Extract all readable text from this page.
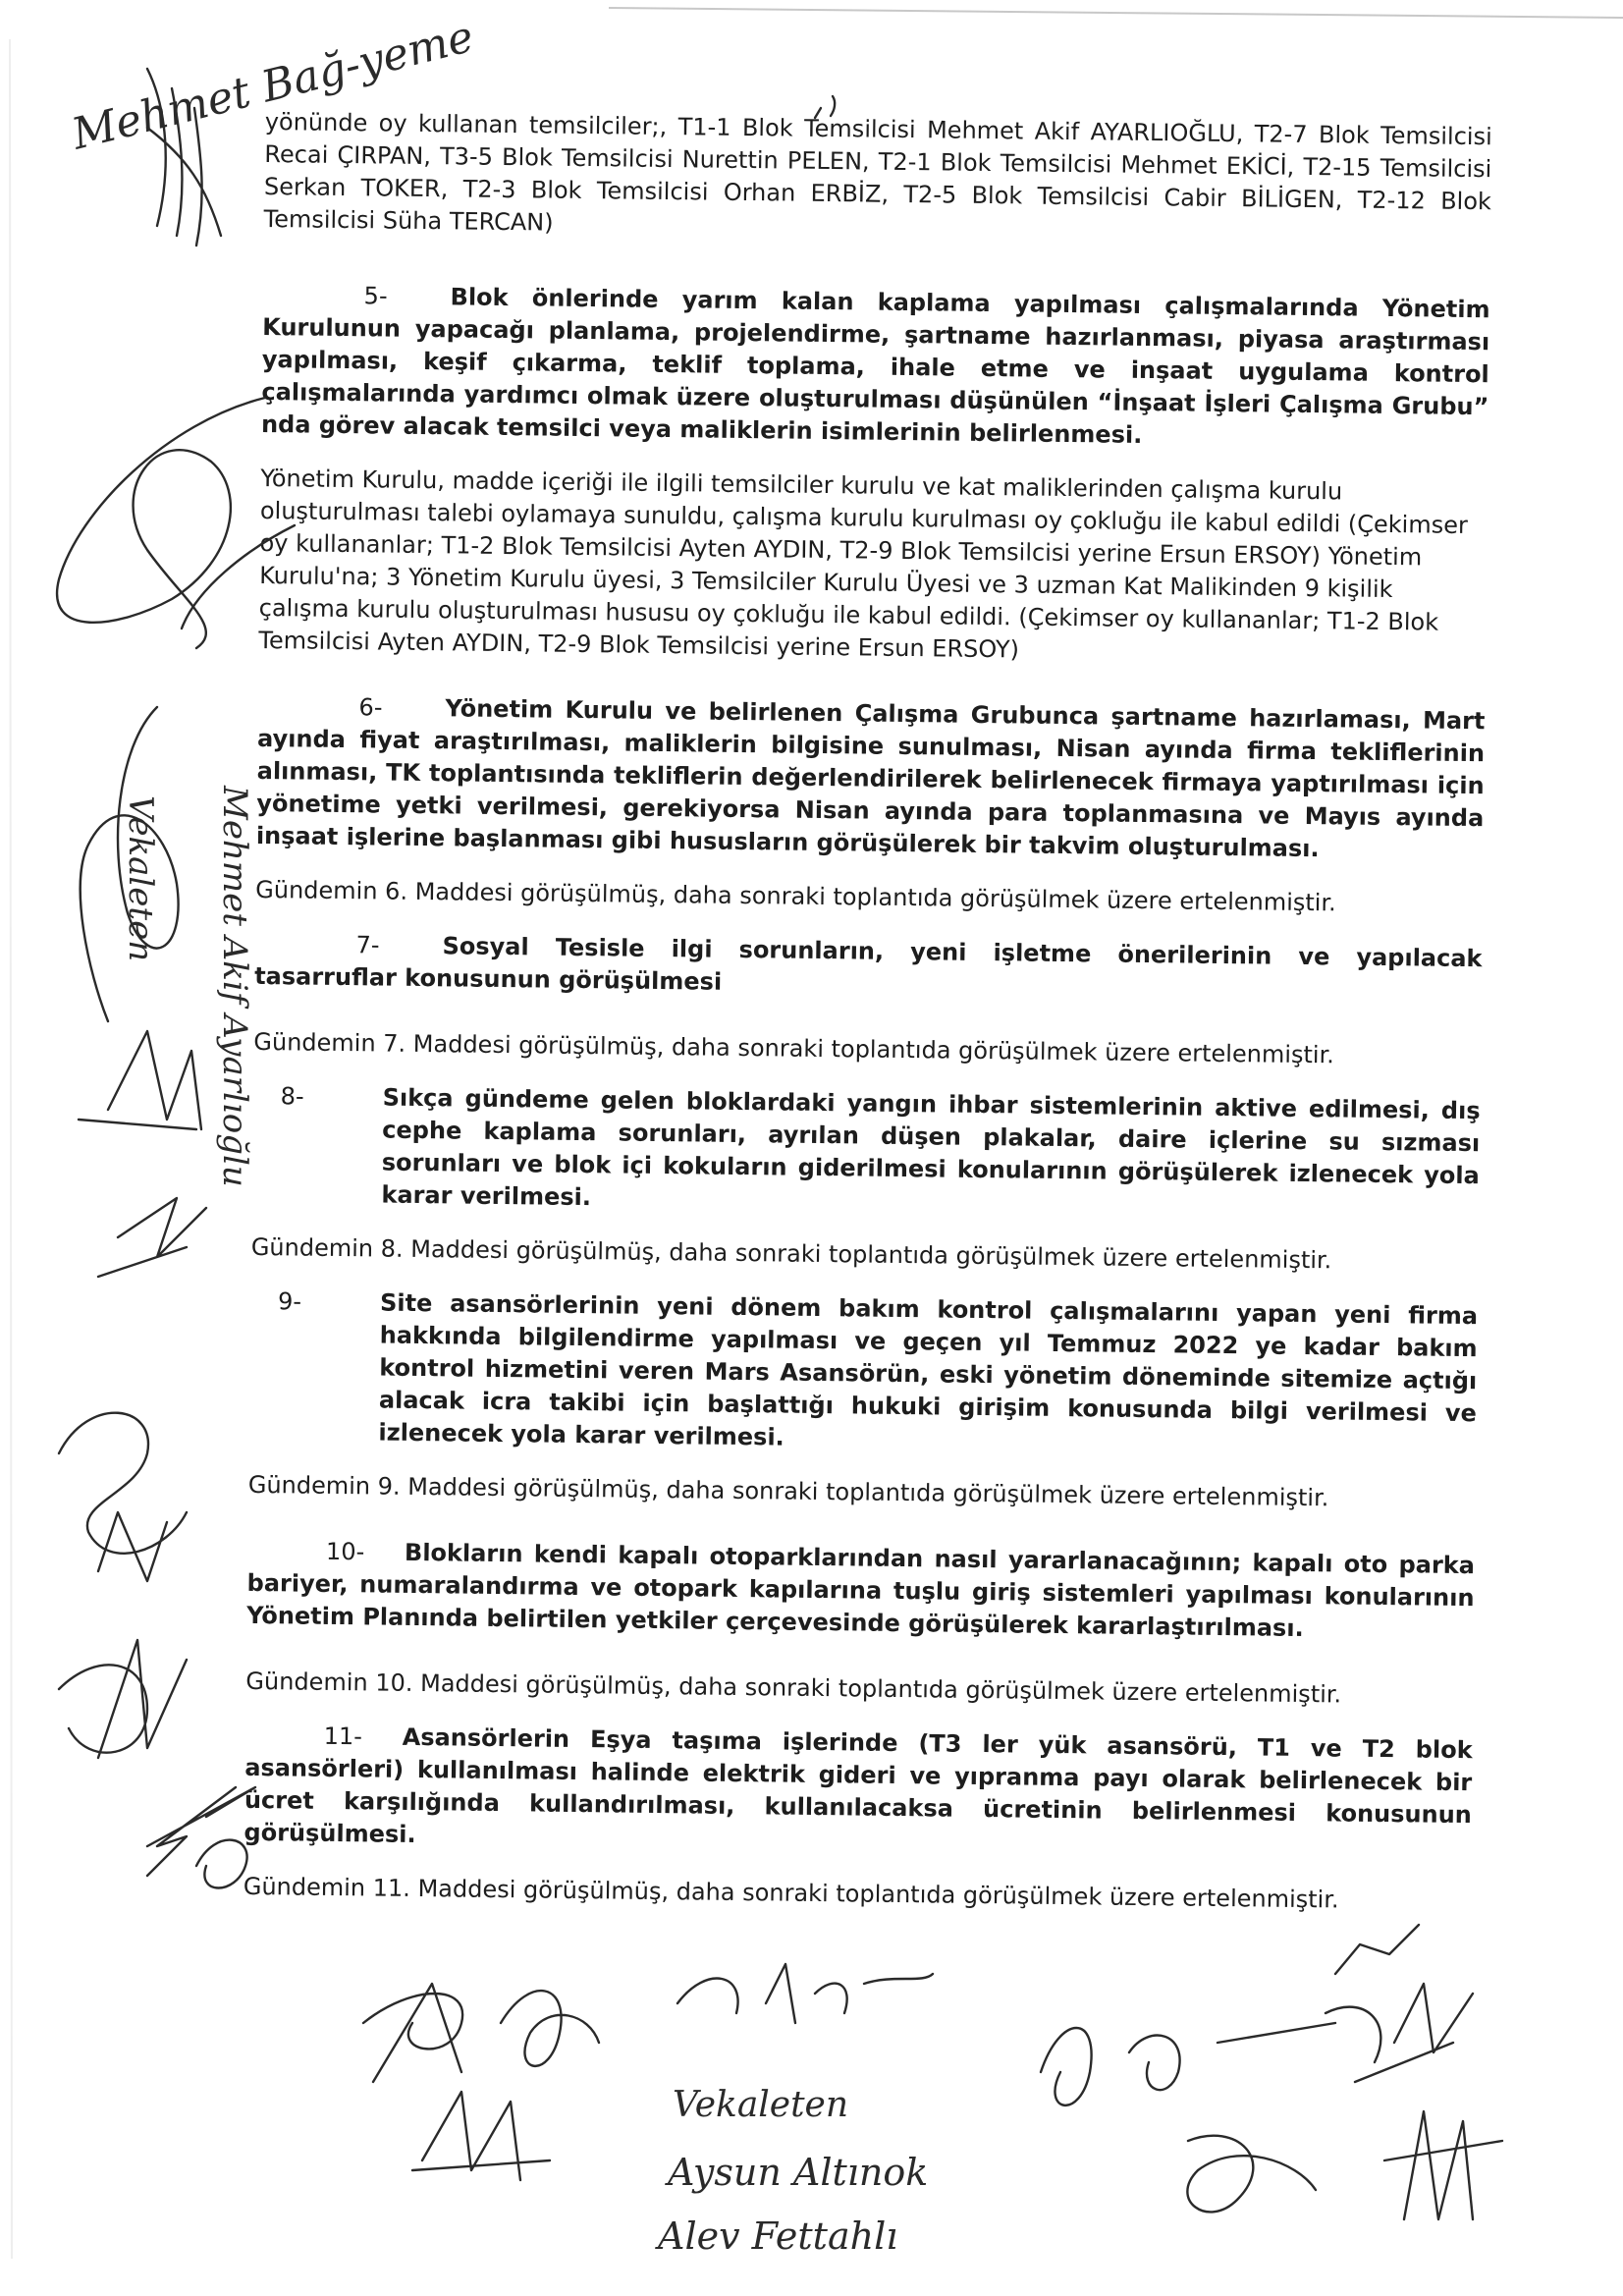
yönünde oy kullanan temsilciler;, T1-1 Blok Temsilcisi Mehmet Akif AYARLIOĞLU, T2-7 Blok Temsilcisi Recai ÇIRPAN, T3-5 Blok Temsilcisi Nurettin PELEN, T2-1 Blok Temsilcisi Mehmet EKİCİ, T2-15 Temsilcisi Serkan TOKER, T2-3 Blok Temsilcisi Orhan ERBİZ, T2-5 Blok Temsilcisi Cabir BİLİGEN, T2-12 Blok Temsilcisi Süha TERCAN)

5-	Blok önlerinde yarım kalan kaplama yapılması çalışmalarında Yönetim Kurulunun yapacağı planlama, projelendirme, şartname hazırlanması, piyasa araştırması yapılması, keşif çıkarma, teklif toplama, ihale etme ve inşaat uygulama kontrol çalışmalarında yardımcı olmak üzere oluşturulması düşünülen “İnşaat İşleri Çalışma Grubu” nda görev alacak temsilci veya maliklerin isimlerinin belirlenmesi.

Yönetim Kurulu, madde içeriği ile ilgili temsilciler kurulu ve kat maliklerinden çalışma kurulu oluşturulması talebi oylamaya sunuldu, çalışma kurulu kurulması oy çokluğu ile kabul edildi (Çekimser oy kullananlar; T1-2 Blok Temsilcisi Ayten AYDIN, T2-9 Blok Temsilcisi yerine Ersun ERSOY) Yönetim Kurulu'na; 3 Yönetim Kurulu üyesi, 3 Temsilciler Kurulu Üyesi ve 3 uzman Kat Malikinden 9 kişilik çalışma kurulu oluşturulması hususu oy çokluğu ile kabul edildi. (Çekimser oy kullananlar; T1-2 Blok Temsilcisi Ayten AYDIN, T2-9 Blok Temsilcisi yerine Ersun ERSOY)

6-	Yönetim Kurulu ve belirlenen Çalışma Grubunca şartname hazırlaması, Mart ayında fiyat araştırılması, maliklerin bilgisine sunulması, Nisan ayında firma tekliflerinin alınması, TK toplantısında tekliflerin değerlendirilerek belirlenecek firmaya yaptırılması için yönetime yetki verilmesi, gerekiyorsa Nisan ayında para toplanmasına ve Mayıs ayında inşaat işlerine başlanması gibi hususların görüşülerek bir takvim oluşturulması.

Gündemin 6. Maddesi görüşülmüş, daha sonraki toplantıda görüşülmek üzere ertelenmiştir.

7-	Sosyal Tesisle ilgi sorunların, yeni işletme önerilerinin ve yapılacak tasarruflar konusunun görüşülmesi

Gündemin 7. Maddesi görüşülmüş, daha sonraki toplantıda görüşülmek üzere ertelenmiştir.

8-	Sıkça gündeme gelen bloklardaki yangın ihbar sistemlerinin aktive edilmesi, dış cephe kaplama sorunları, ayrılan düşen plakalar, daire içlerine su sızması sorunları ve blok içi kokuların giderilmesi konularının görüşülerek izlenecek yola karar verilmesi.

Gündemin 8. Maddesi görüşülmüş, daha sonraki toplantıda görüşülmek üzere ertelenmiştir.

9-	Site asansörlerinin yeni dönem bakım kontrol çalışmalarını yapan yeni firma hakkında bilgilendirme yapılması ve geçen yıl Temmuz 2022 ye kadar bakım kontrol hizmetini veren Mars Asansörün, eski yönetim döneminde sitemize açtığı alacak icra takibi için başlattığı hukuki girişim konusunda bilgi verilmesi ve izlenecek yola karar verilmesi.

Gündemin 9. Maddesi görüşülmüş, daha sonraki toplantıda görüşülmek üzere ertelenmiştir.

10- Blokların kendi kapalı otoparklarından nasıl yararlanacağının; kapalı oto parka bariyer, numaralandırma ve otopark kapılarına tuşlu giriş sistemleri yapılması konularının Yönetim Planında belirtilen yetkiler çerçevesinde görüşülerek kararlaştırılması.

Gündemin 10. Maddesi görüşülmüş, daha sonraki toplantıda görüşülmek üzere ertelenmiştir.

11- Asansörlerin Eşya taşıma işlerinde (T3 ler yük asansörü, T1 ve T2 blok asansörleri) kullanılması halinde elektrik gideri ve yıpranma payı olarak belirlenecek bir ücret karşılığında kullandırılması, kullanılacaksa ücretinin belirlenmesi konusunun görüşülmesi.

Gündemin 11. Maddesi görüşülmüş, daha sonraki toplantıda görüşülmek üzere ertelenmiştir.

Mehmet Bağ-yeme
Mehmet Akif Ayarlıoğlu
Vekaleten
Vekaleten
Aysun Altınok
Alev Fettahlı
